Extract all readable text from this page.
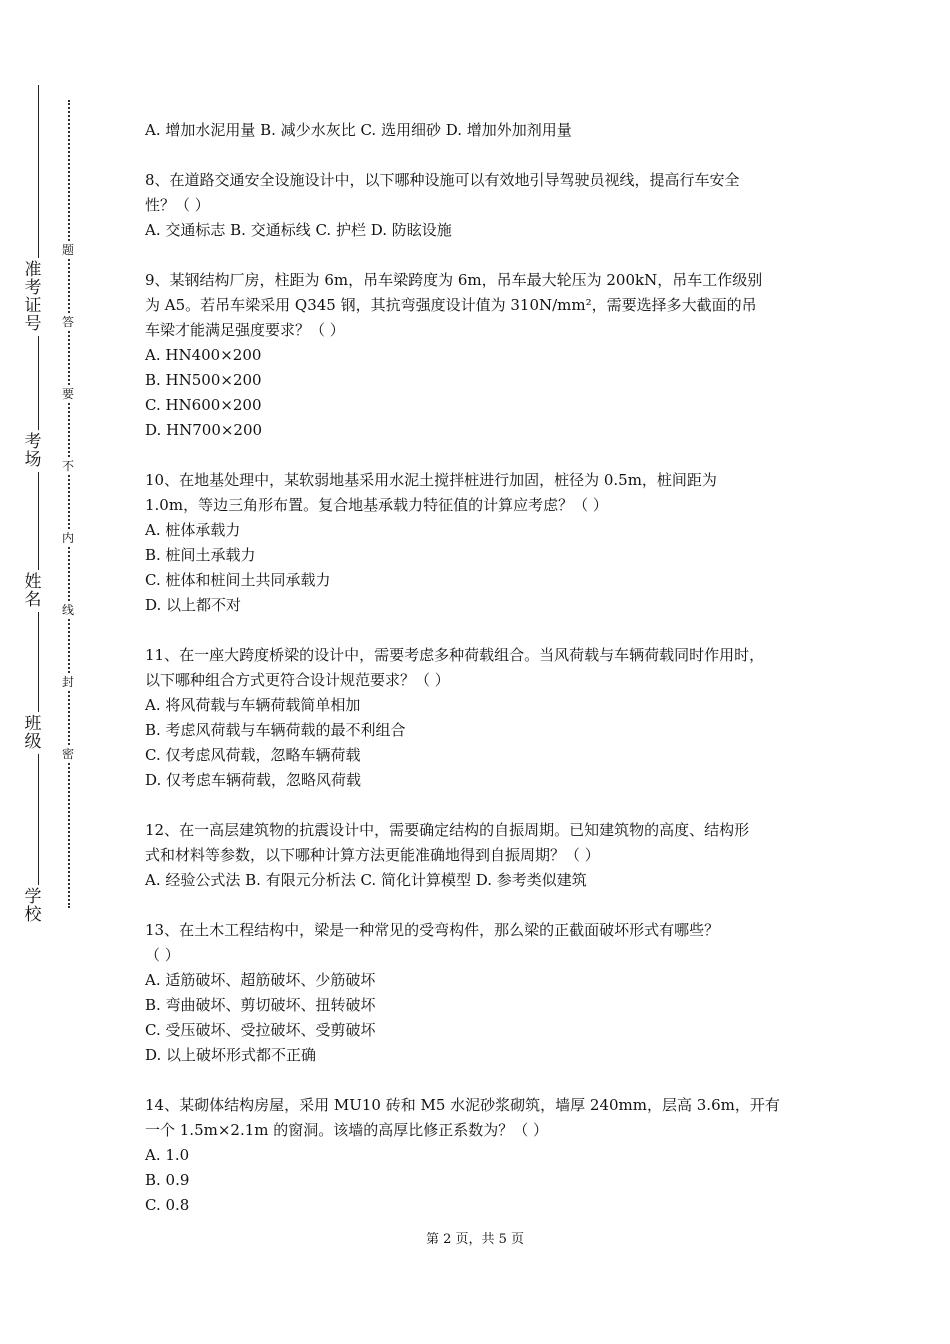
准考证号
考场
姓名
班级
学校
题
答
要
不
内
线
封
密
A. 增加水泥用量 B. 减少水灰比 C. 选用细砂 D. 增加外加剂用量
8、在道路交通安全设施设计中，以下哪种设施可以有效地引导驾驶员视线，提高行车安全
性？（ ）
A. 交通标志 B. 交通标线 C. 护栏 D. 防眩设施
9、某钢结构厂房，柱距为 6m，吊车梁跨度为 6m，吊车最大轮压为 200kN，吊车工作级别
为 A5。若吊车梁采用 Q345 钢，其抗弯强度设计值为 310N/mm²，需要选择多大截面的吊
车梁才能满足强度要求？（ ）
A. HN400×200
B. HN500×200
C. HN600×200
D. HN700×200
10、在地基处理中，某软弱地基采用水泥土搅拌桩进行加固，桩径为 0.5m，桩间距为
1.0m，等边三角形布置。复合地基承载力特征值的计算应考虑？（ ）
A. 桩体承载力
B. 桩间土承载力
C. 桩体和桩间土共同承载力
D. 以上都不对
11、在一座大跨度桥梁的设计中，需要考虑多种荷载组合。当风荷载与车辆荷载同时作用时，
以下哪种组合方式更符合设计规范要求？（ ）
A. 将风荷载与车辆荷载简单相加
B. 考虑风荷载与车辆荷载的最不利组合
C. 仅考虑风荷载，忽略车辆荷载
D. 仅考虑车辆荷载，忽略风荷载
12、在一高层建筑物的抗震设计中，需要确定结构的自振周期。已知建筑物的高度、结构形
式和材料等参数，以下哪种计算方法更能准确地得到自振周期？（ ）
A. 经验公式法 B. 有限元分析法 C. 简化计算模型 D. 参考类似建筑
13、在土木工程结构中，梁是一种常见的受弯构件，那么梁的正截面破坏形式有哪些？
（ ）
A. 适筋破坏、超筋破坏、少筋破坏
B. 弯曲破坏、剪切破坏、扭转破坏
C. 受压破坏、受拉破坏、受剪破坏
D. 以上破坏形式都不正确
14、某砌体结构房屋，采用 MU10 砖和 M5 水泥砂浆砌筑，墙厚 240mm，层高 3.6m，开有
一个 1.5m×2.1m 的窗洞。该墙的高厚比修正系数为？（ ）
A. 1.0
B. 0.9
C. 0.8
第 2 页，共 5 页
